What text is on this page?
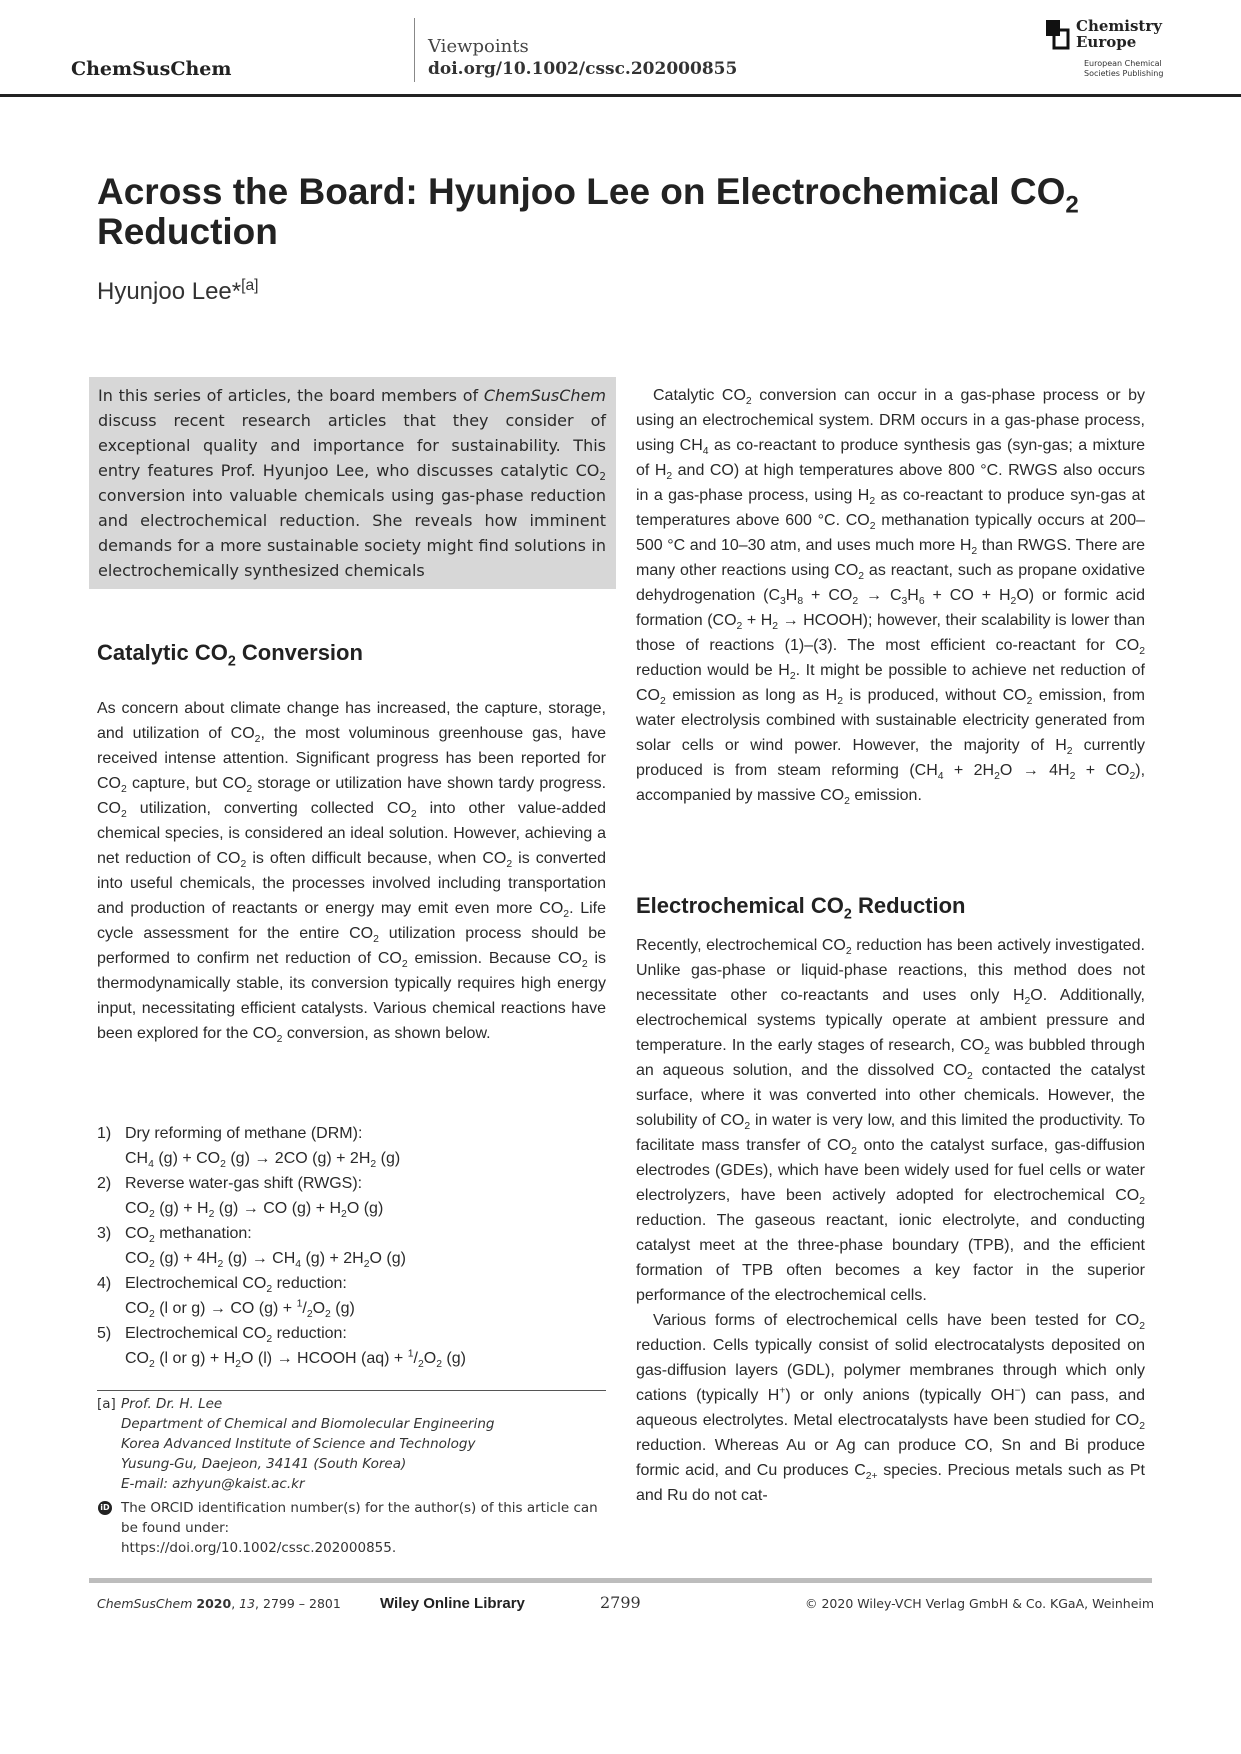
ChemSusChem
Viewpoints
doi.org/10.1002/cssc.202000855
Chemistry
Europe
European Chemical
Societies Publishing
Across the Board: Hyunjoo Lee on Electrochemical $CO_2$
Reduction
Hyunjoo Lee*[a]

In this series of articles, the board members of ChemSusChem discuss recent research articles that they consider of exceptional quality and importance for sustainability. This entry features Prof. Hyunjoo Lee, who discusses catalytic $CO_2$ conversion into valuable chemicals using gas-phase reduction and electrochemical reduction. She reveals how imminent demands for a more sustainable society might find solutions in electrochemically synthesized chemicals

Catalytic $CO_2$ Conversion

As concern about climate change has increased, the capture, storage, and utilization of $CO_2$, the most voluminous greenhouse gas, have received intense attention. Significant progress has been reported for $CO_2$ capture, but $CO_2$ storage or utilization have shown tardy progress. $CO_2$ utilization, converting collected $CO_2$ into other value-added chemical species, is considered an ideal solution. However, achieving a net reduction of $CO_2$ is often difficult because, when $CO_2$ is converted into useful chemicals, the processes involved including transportation and production of reactants or energy may emit even more $CO_2$. Life cycle assessment for the entire $CO_2$ utilization process should be performed to confirm net reduction of $CO_2$ emission. Because $CO_2$ is thermodynamically stable, its conversion typically requires high energy input, necessitating efficient catalysts. Various chemical reactions have been explored for the $CO_2$ conversion, as shown below.

1) Dry reforming of methane (DRM):
$CH_4$ $(g) + CO_2$ (g) → 2CO $(g) + 2H_2$ (g)
2) Reverse water-gas shift (RWGS):
$CO_2$ $(g) + H_2$ (g) → CO $(g) + H_2O$ (g)
3) $CO_2$ methanation:
$CO_2$ $(g) + 4H_2$ $(g) \to CH_4$ $(g) + 2H_2O$ (g)
4) Electrochemical $CO_2$ reduction:
$CO_2$ (l or g) → CO $(g) + ^1/_2O_2$ (g)
5) Electrochemical $CO_2$ reduction:
$CO_2$ (l or $g) + H_2O$ (l) → HCOOH $(aq) + ^1/_2O_2$ (g)
[a] Prof. Dr. H. Lee
Department of Chemical and Biomolecular Engineering
Korea Advanced Institute of Science and Technology
Yusung-Gu, Daejeon, 34141 (South Korea)
E-mail: azhyun@kaist.ac.kr
iD The ORCID identification number(s) for the author(s) of this article can
be found under:
https://doi.org/10.1002/cssc.202000855.

Catalytic $CO_2$ conversion can occur in a gas-phase process or by using an electrochemical system. DRM occurs in a gas-phase process, using $CH_4$ as co-reactant to produce synthesis gas (syn-gas; a mixture of $H_2$ and CO) at high temperatures above 800 °C. RWGS also occurs in a gas-phase process, using $H_2$ as co-reactant to produce syn-gas at temperatures above 600 °C. $CO_2$ methanation typically occurs at 200–500 °C and 10–30 atm, and uses much more $H_2$ than RWGS. There are many other reactions using $CO_2$ as reactant, such as propane oxidative dehydrogenation ($C_3H_8 + CO_2 \to C_3H_6$ + CO + $H_2O$) or formic acid formation ($CO_2 + H_2$ → HCOOH); however, their scalability is lower than those of reactions (1)–(3). The most efficient co-reactant for $CO_2$ reduction would be $H_2$. It might be possible to achieve net reduction of $CO_2$ emission as long as $H_2$ is produced, without $CO_2$ emission, from water electrolysis combined with sustainable electricity generated from solar cells or wind power. However, the majority of $H_2$ currently produced is from steam reforming $(CH_4 + 2H_2O \to 4H_2 + CO_2)$, accompanied by massive $CO_2$ emission.

Electrochemical $CO_2$ Reduction

Recently, electrochemical $CO_2$ reduction has been actively investigated. Unlike gas-phase or liquid-phase reactions, this method does not necessitate other co-reactants and uses only $H_2O$. Additionally, electrochemical systems typically operate at ambient pressure and temperature. In the early stages of research, $CO_2$ was bubbled through an aqueous solution, and the dissolved $CO_2$ contacted the catalyst surface, where it was converted into other chemicals. However, the solubility of $CO_2$ in water is very low, and this limited the productivity. To facilitate mass transfer of $CO_2$ onto the catalyst surface, gas-diffusion electrodes (GDEs), which have been widely used for fuel cells or water electrolyzers, have been actively adopted for electrochemical $CO_2$ reduction. The gaseous reactant, ionic electrolyte, and conducting catalyst meet at the three-phase boundary (TPB), and the efficient formation of TPB often becomes a key factor in the superior performance of the electrochemical cells.

Various forms of electrochemical cells have been tested for $CO_2$ reduction. Cells typically consist of solid electrocatalysts deposited on gas-diffusion layers (GDL), polymer membranes through which only cations (typically H+) or only anions (typically OH−) can pass, and aqueous electrolytes. Metal electrocatalysts have been studied for $CO_2$ reduction. Whereas Au or Ag can produce CO, Sn and Bi produce formic acid, and Cu produces $C_{2+}$ species. Precious metals such as Pt and Ru do not cat-

ChemSusChem 2020, 13, 2799 – 2801	Wiley Online Library	2799	© 2020 Wiley-VCH Verlag GmbH & Co. KGaA, Weinheim
